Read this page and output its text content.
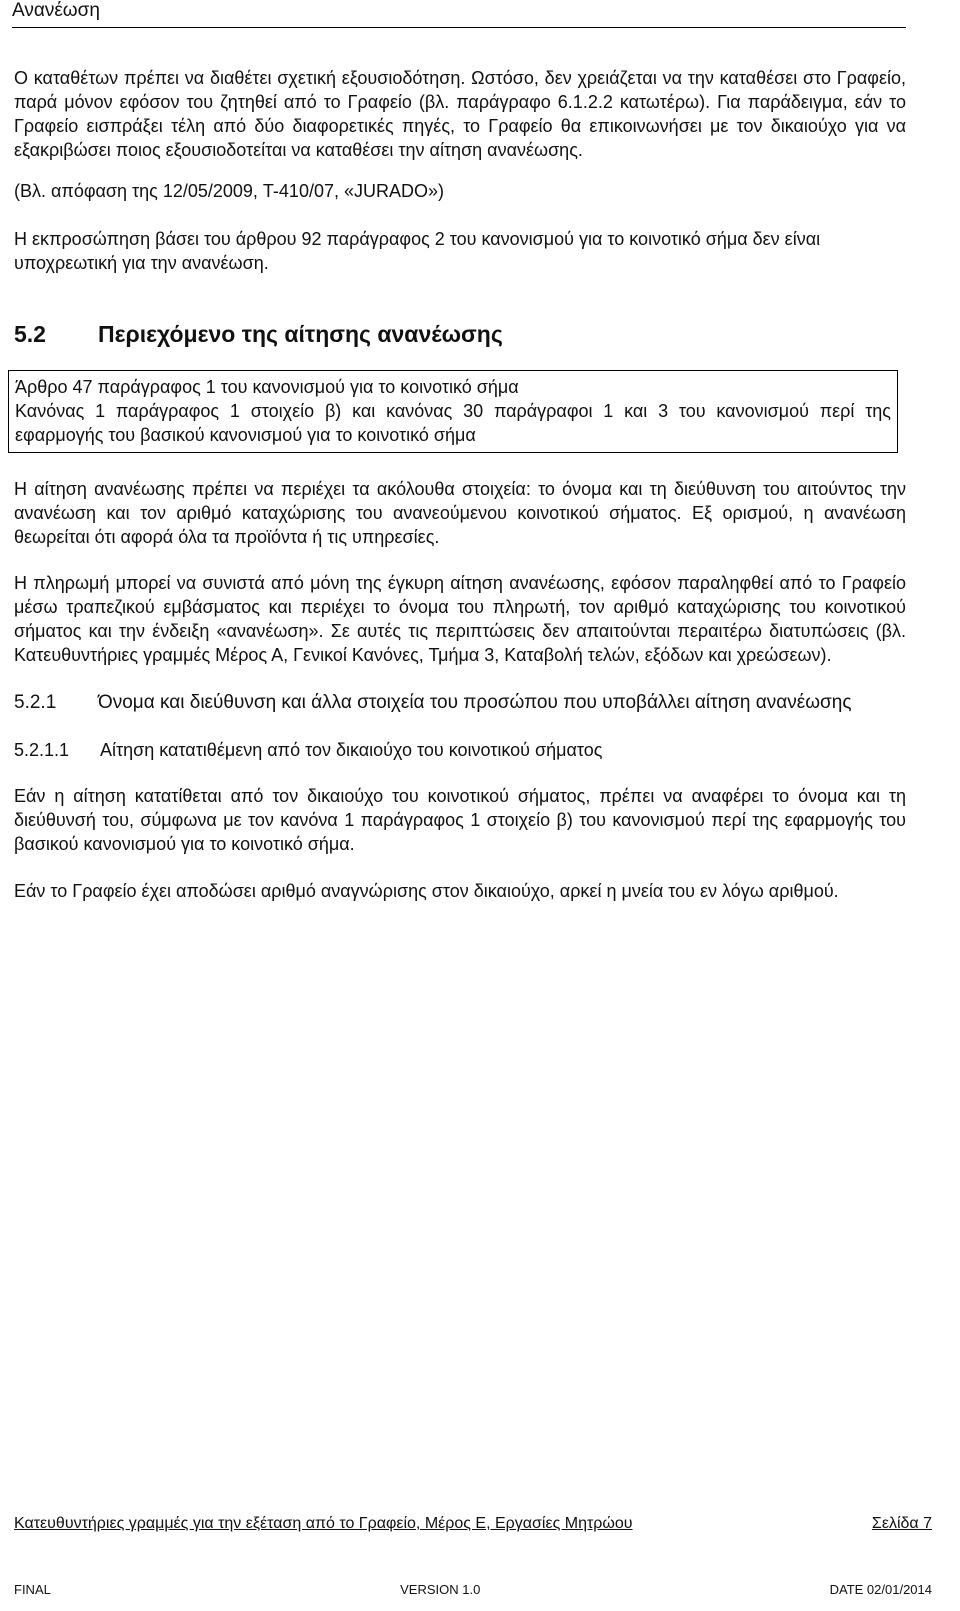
Ανανέωση

Ο καταθέτων πρέπει να διαθέτει σχετική εξουσιοδότηση. Ωστόσο, δεν χρειάζεται να την καταθέσει στο Γραφείο, παρά μόνον εφόσον του ζητηθεί από το Γραφείο (βλ. παράγραφο 6.1.2.2 κατωτέρω). Για παράδειγμα, εάν το Γραφείο εισπράξει τέλη από δύο διαφορετικές πηγές, το Γραφείο θα επικοινωνήσει με τον δικαιούχο για να εξακριβώσει ποιος εξουσιοδοτείται να καταθέσει την αίτηση ανανέωσης.

(Βλ. απόφαση της 12/05/2009, T-410/07, «JURADO»)

Η εκπροσώπηση βάσει του άρθρου 92 παράγραφος 2 του κανονισμού για το κοινοτικό σήμα δεν είναι υποχρεωτική για την ανανέωση.

5.2	Περιεχόμενο της αίτησης ανανέωσης

Άρθρο 47 παράγραφος 1 του κανονισμού για το κοινοτικό σήμα

Κανόνας 1 παράγραφος 1 στοιχείο β) και κανόνας 30 παράγραφοι 1 και 3 του κανονισμού περί της εφαρμογής του βασικού κανονισμού για το κοινοτικό σήμα

Η αίτηση ανανέωσης πρέπει να περιέχει τα ακόλουθα στοιχεία: το όνομα και τη διεύθυνση του αιτούντος την ανανέωση και τον αριθμό καταχώρισης του ανανεούμενου κοινοτικού σήματος. Εξ ορισμού, η ανανέωση θεωρείται ότι αφορά όλα τα προϊόντα ή τις υπηρεσίες.

Η πληρωμή μπορεί να συνιστά από μόνη της έγκυρη αίτηση ανανέωσης, εφόσον παραληφθεί από το Γραφείο μέσω τραπεζικού εμβάσματος και περιέχει το όνομα του πληρωτή, τον αριθμό καταχώρισης του κοινοτικού σήματος και την ένδειξη «ανανέωση». Σε αυτές τις περιπτώσεις δεν απαιτούνται περαιτέρω διατυπώσεις (βλ. Κατευθυντήριες γραμμές Μέρος Α, Γενικοί Κανόνες, Τμήμα 3, Καταβολή τελών, εξόδων και χρεώσεων).

5.2.1	Όνομα και διεύθυνση και άλλα στοιχεία του προσώπου που υποβάλλει αίτηση ανανέωσης
5.2.1.1	Αίτηση κατατιθέμενη από τον δικαιούχο του κοινοτικού σήματος

Εάν η αίτηση κατατίθεται από τον δικαιούχο του κοινοτικού σήματος, πρέπει να αναφέρει το όνομα και τη διεύθυνσή του, σύμφωνα με τον κανόνα 1 παράγραφος 1 στοιχείο β) του κανονισμού περί της εφαρμογής του βασικού κανονισμού για το κοινοτικό σήμα.

Εάν το Γραφείο έχει αποδώσει αριθμό αναγνώρισης στον δικαιούχο, αρκεί η μνεία του εν λόγω αριθμού.

Κατευθυντήριες γραμμές για την εξέταση από το Γραφείο, Μέρος Ε, Εργασίες Μητρώου	Σελίδα 7
FINAL	VERSION 1.0	DATE 02/01/2014
